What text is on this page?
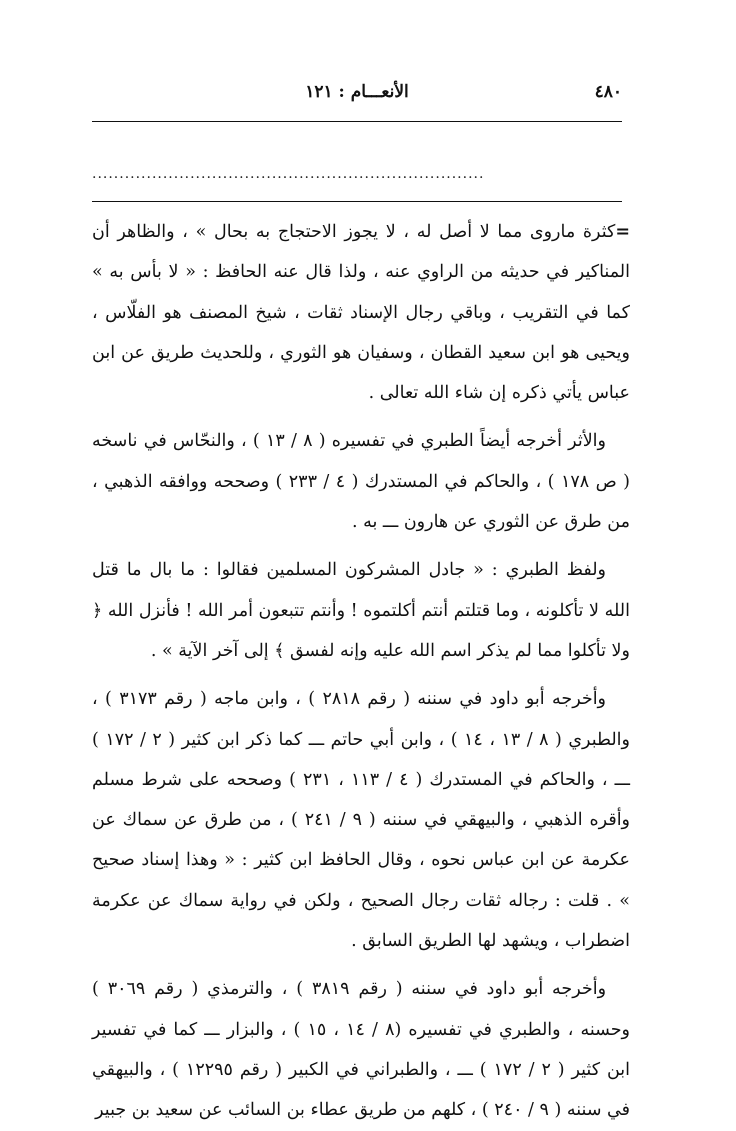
٤٨٠
الأنعـــام : ١٢١
........................................................................

=كثرة ماروى مما لا أصل له ، لا يجوز الاحتجاج به بحال » ، والظاهر أن المناكير في حديثه من الراوي عنه ، ولذا قال عنه الحافظ : « لا بأس به » كما في التقريب ، وباقي رجال الإسناد ثقات ، شيخ المصنف هو الفلّاس ، ويحيى هو ابن سعيد القطان ، وسفيان هو الثوري ، وللحديث طريق عن ابن عباس يأتي ذكره إن شاء الله تعالى .

والأثر أخرجه أيضاً الطبري في تفسيره ( ٨ / ١٣ ) ، والنحّاس في ناسخه ( ص ١٧٨ ) ، والحاكم في المستدرك ( ٤ / ٢٣٣ ) وصححه ووافقه الذهبي ، من طرق عن الثوري عن هارون ـــ به .

ولفظ الطبري : « جادل المشركون المسلمين فقالوا : ما بال ما قتل الله لا تأكلونه ، وما قتلتم أنتم أكلتموه ! وأنتم تتبعون أمر الله ! فأنزل الله ﴿ ولا تأكلوا مما لم يذكر اسم الله عليه وإنه لفسق ﴾ إلى آخر الآية » .

وأخرجه أبو داود في سننه ( رقم ٢٨١٨ ) ، وابن ماجه ( رقم ٣١٧٣ ) ، والطبري ( ٨ / ١٣ ، ١٤ ) ، وابن أبي حاتم ـــ كما ذكر ابن كثير ( ٢ / ١٧٢ ) ـــ ، والحاكم في المستدرك ( ٤ / ١١٣ ، ٢٣١ ) وصححه على شرط مسلم وأقره الذهبي ، والبيهقي في سننه ( ٩ / ٢٤١ ) ، من طرق عن سماك عن عكرمة عن ابن عباس نحوه ، وقال الحافظ ابن كثير : « وهذا إسناد صحيح » . قلت : رجاله ثقات رجال الصحيح ، ولكن في رواية سماك عن عكرمة اضطراب ، ويشهد لها الطريق السابق .

وأخرجه أبو داود في سننه ( رقم ٣٨١٩ ) ، والترمذي ( رقم ٣٠٦٩ ) وحسنه ، والطبري في تفسيره (٨ / ١٤ ، ١٥ ) ، والبزار ـــ كما في تفسير ابن كثير ( ٢ / ١٧٢ ) ـــ ، والطبراني في الكبير ( رقم ١٢٢٩٥ ) ، والبيهقي في سننه ( ٩ / ٢٤٠ ) ، كلهم من طريق عطاء بن السائب عن سعيد بن جبير
